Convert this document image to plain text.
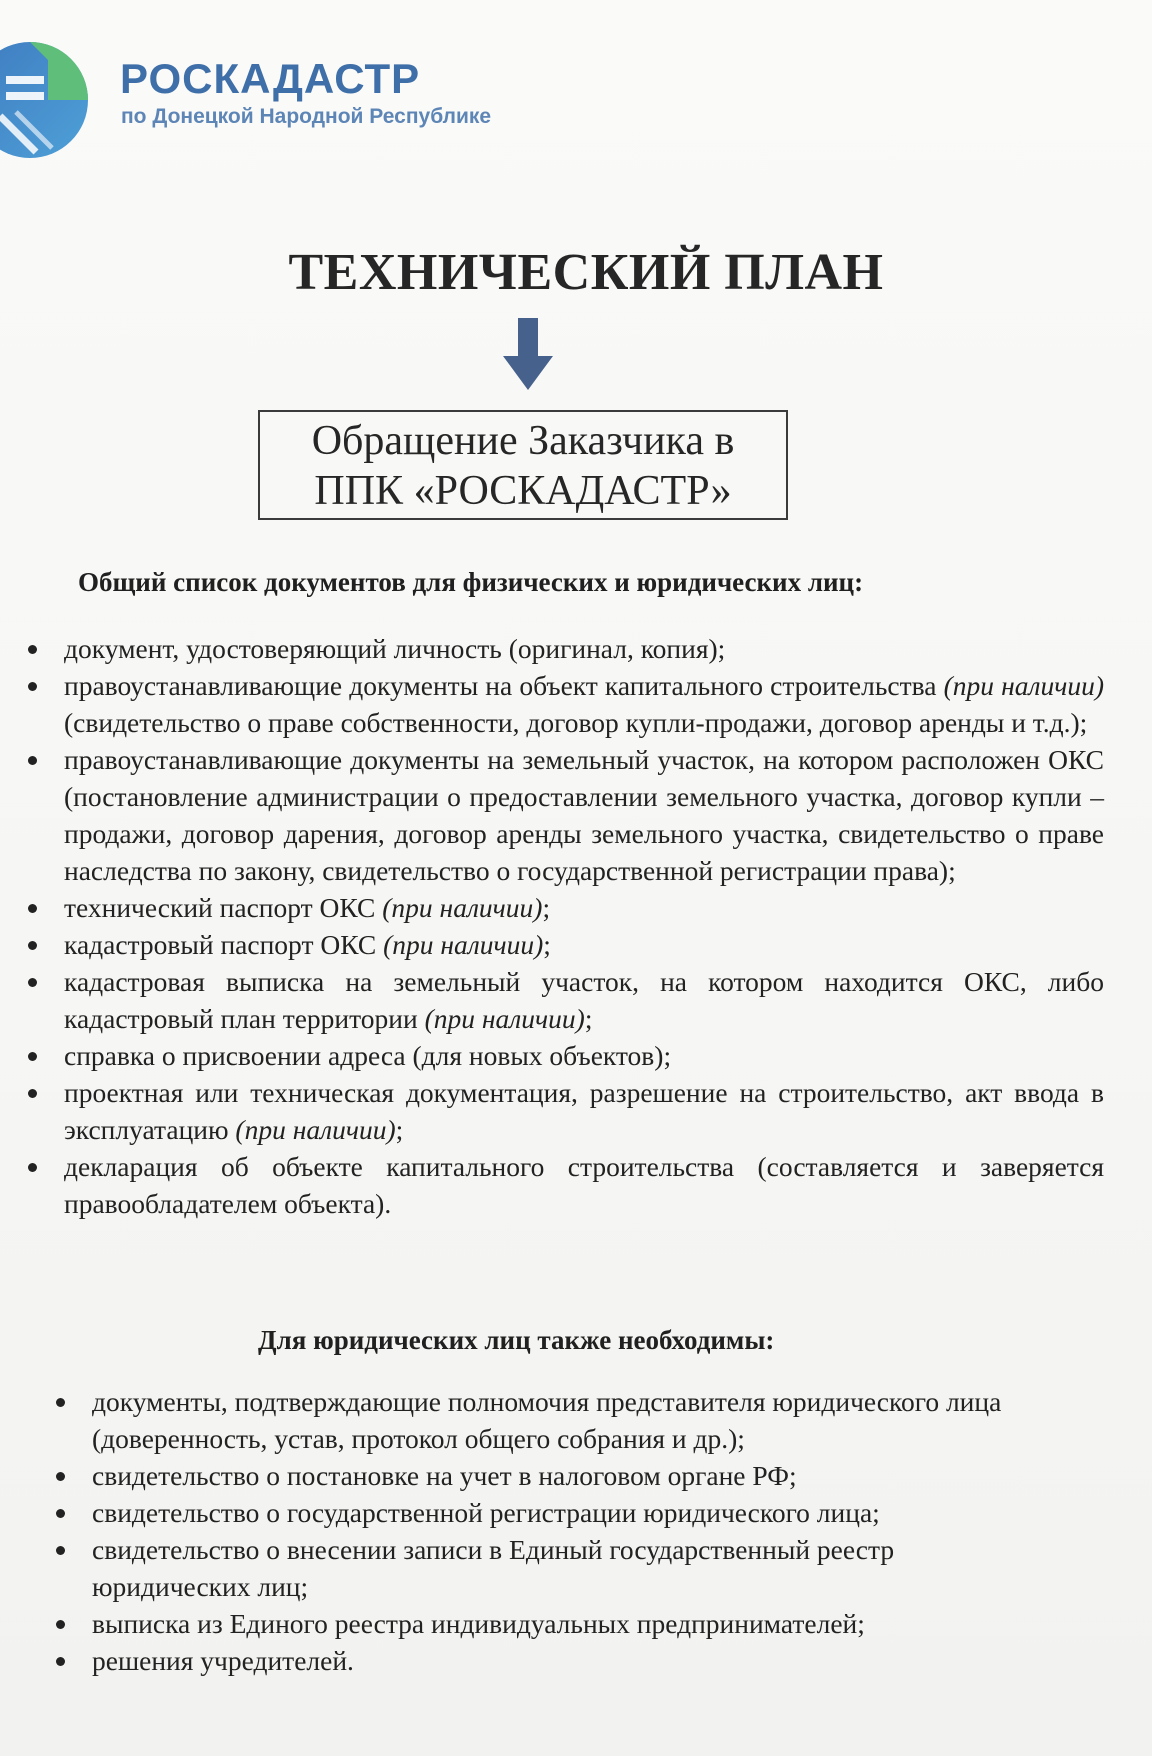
РОСКАДАСТР
по Донецкой Народной Республике
ТЕХНИЧЕСКИЙ ПЛАН
Обращение Заказчика в
ППК «РОСКАДАСТР»
Общий список документов для физических и юридических лиц:
документ, удостоверяющий личность (оригинал, копия);
правоустанавливающие документы на объект капитального строительства (при наличии) (свидетельство о праве собственности, договор купли-продажи, договор аренды и т.д.);
правоустанавливающие документы на земельный участок, на котором расположен ОКС (постановление администрации о предоставлении земельного участка, договор купли – продажи, договор дарения, договор аренды земельного участка, свидетельство о праве наследства по закону, свидетельство о государственной регистрации права);
технический паспорт ОКС (при наличии);
кадастровый паспорт ОКС (при наличии);
кадастровая выписка на земельный участок, на котором находится ОКС, либо кадастровый план территории (при наличии);
справка о присвоении адреса (для новых объектов);
проектная или техническая документация, разрешение на строительство, акт ввода в эксплуатацию (при наличии);
декларация об объекте капитального строительства (составляется и заверяется правообладателем объекта).
Для юридических лиц также необходимы:
документы, подтверждающие полномочия представителя юридического лица (доверенность, устав, протокол общего собрания и др.);
свидетельство о постановке на учет в налоговом органе РФ;
свидетельство о государственной регистрации юридического лица;
свидетельство о внесении записи в Единый государственный реестр юридических лиц;
выписка из Единого реестра индивидуальных предпринимателей;
решения учредителей.
